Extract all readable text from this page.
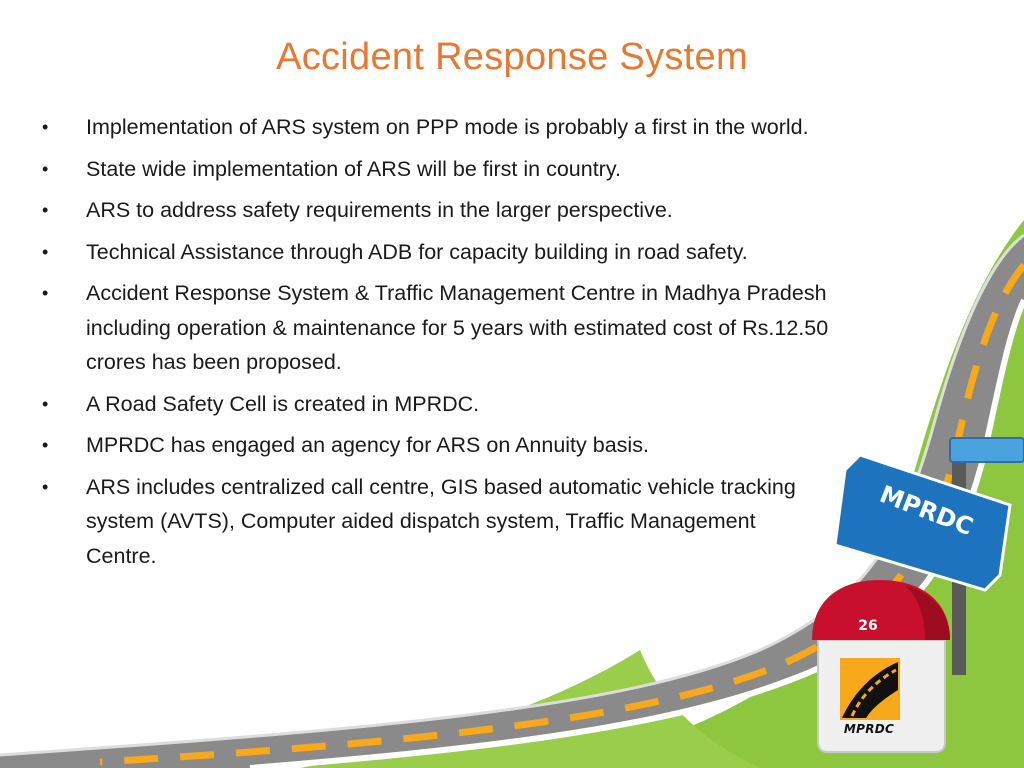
Accident Response System
• Implementation of ARS system on PPP mode is probably a first in the world.
• State wide implementation of ARS will be first in country.
• ARS to address safety requirements in the larger perspective.
• Technical Assistance through ADB for capacity building in road safety.
• Accident Response System & Traffic Management Centre in Madhya Pradesh including operation & maintenance for 5 years with estimated cost of Rs.12.50 crores has been proposed.
• A Road Safety Cell is created in MPRDC.
• MPRDC has engaged an agency for ARS on Annuity basis.
• ARS includes centralized call centre, GIS based automatic vehicle tracking system (AVTS), Computer aided dispatch system, Traffic Management Centre.
MPRDC
26
MPRDC
